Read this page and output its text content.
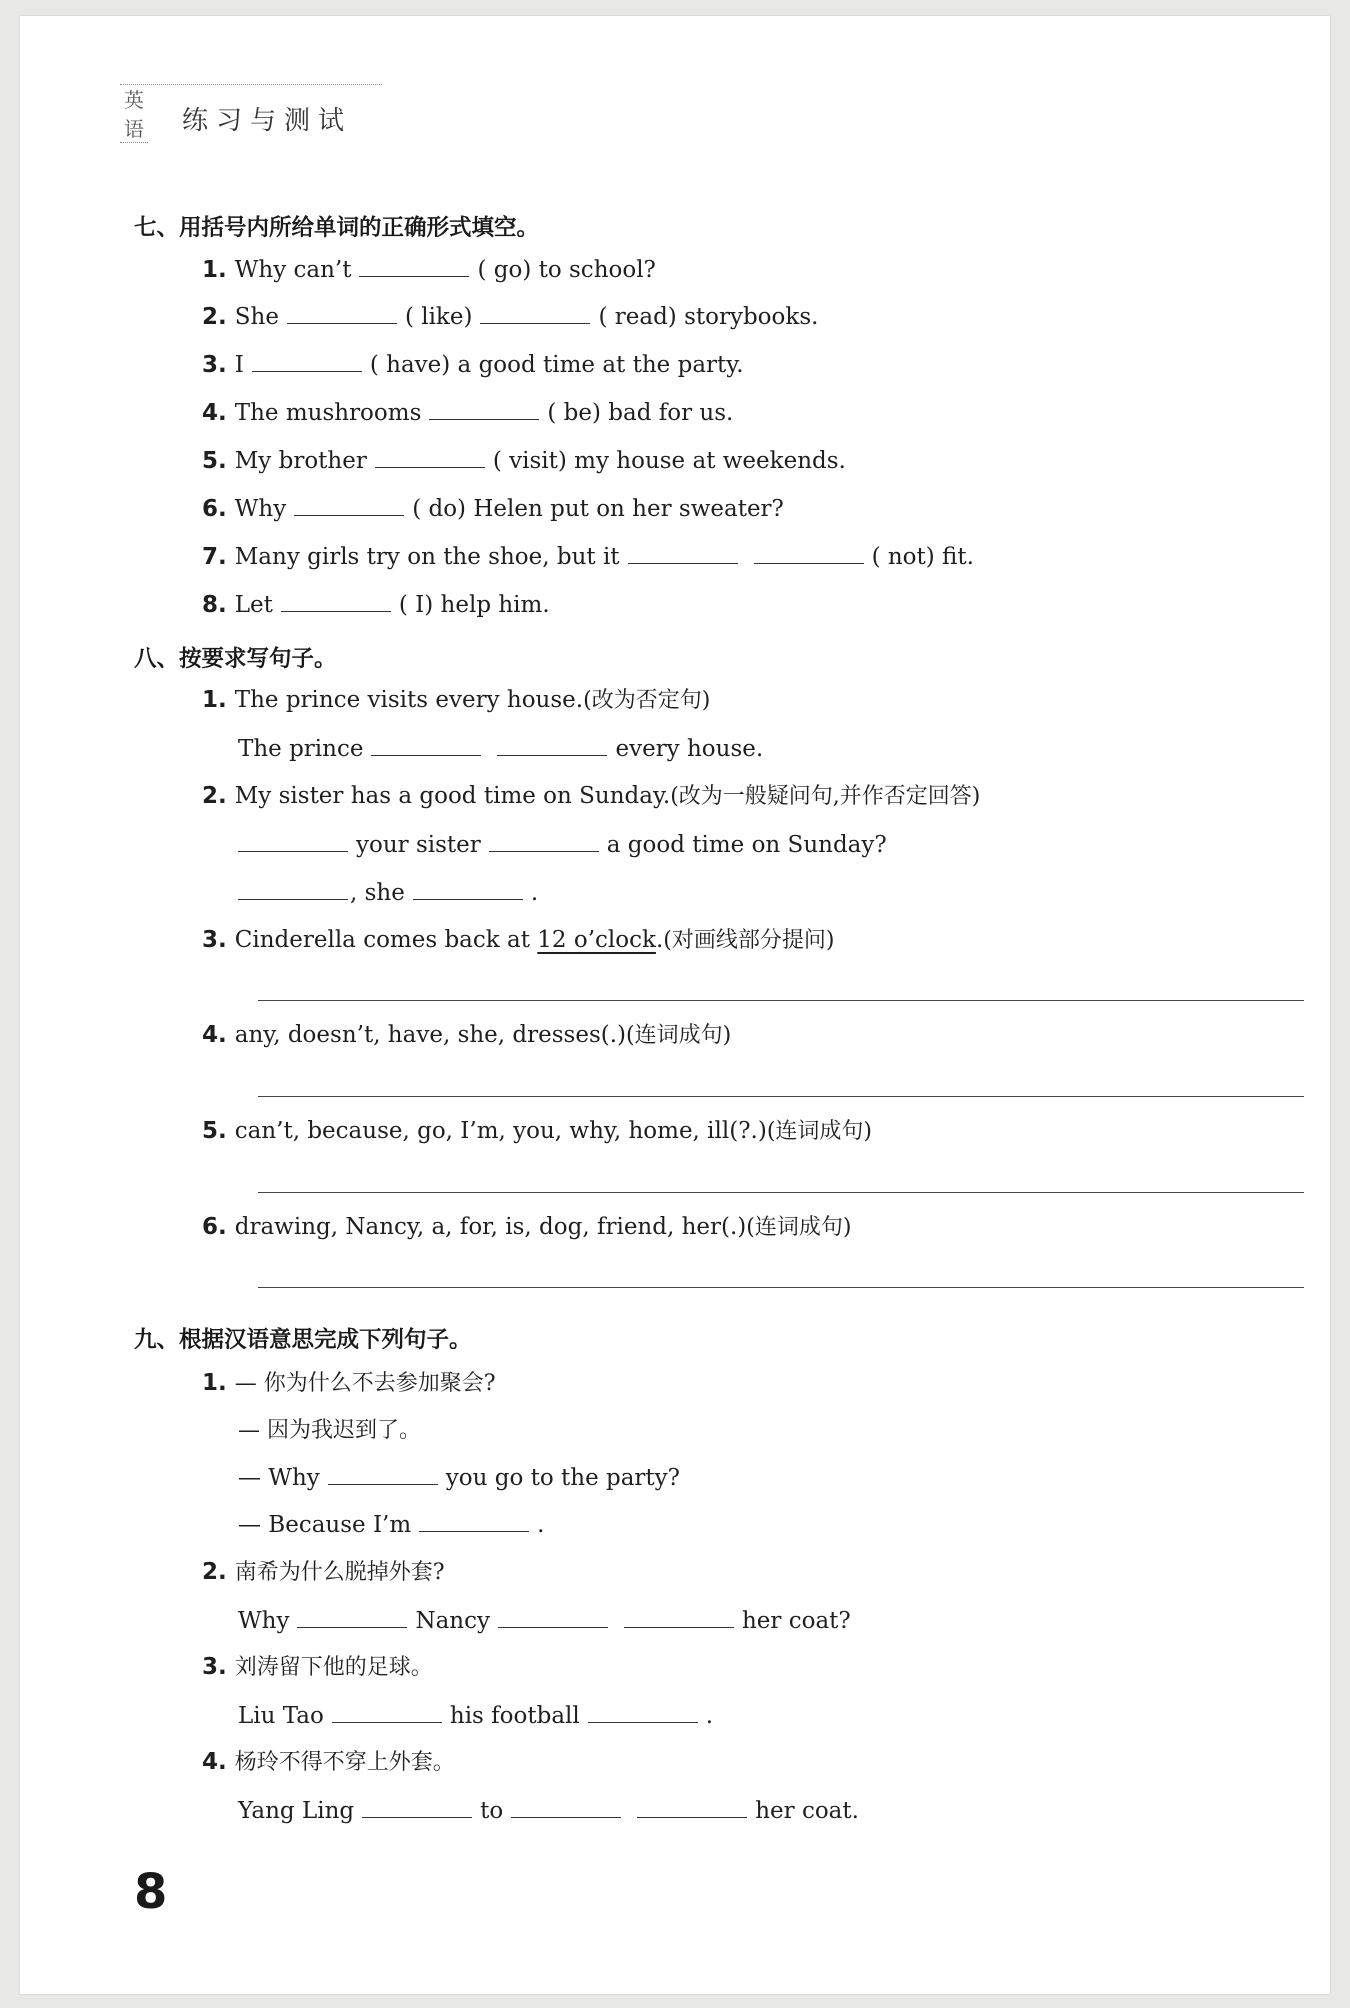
英语 练习与测试
七、用括号内所给单词的正确形式填空。
1. Why can’t	( go) to school?
2. She	( like)	( read) storybooks.
3. I	( have) a good time at the party.
4. The mushrooms	( be) bad for us.
5. My brother	( visit) my house at weekends.
6. Why	( do) Helen put on her sweater?
7. Many girls try on the shoe, but it	( not) fit.
8. Let	( I) help him.
八、按要求写句子。
1. The prince visits every house.(改为否定句)
The prince	every house.
2. My sister has a good time on Sunday.(改为一般疑问句,并作否定回答)
your sister	a good time on Sunday?
, she	.
3. Cinderella comes back at 12 o’clock.(对画线部分提问)
4. any, doesn’t, have, she, dresses(.)(连词成句)
5. can’t, because, go, I’m, you, why, home, ill(?.)(连词成句)
6. drawing, Nancy, a, for, is, dog, friend, her(.)(连词成句)
九、根据汉语意思完成下列句子。
1. — 你为什么不去参加聚会?
— 因为我迟到了。
— Why	you go to the party?
— Because I’m	.
2. 南希为什么脱掉外套?
Why	Nancy	her coat?
3. 刘涛留下他的足球。
Liu Tao	his football	.
4. 杨玲不得不穿上外套。
Yang Ling	to	her coat.
8
